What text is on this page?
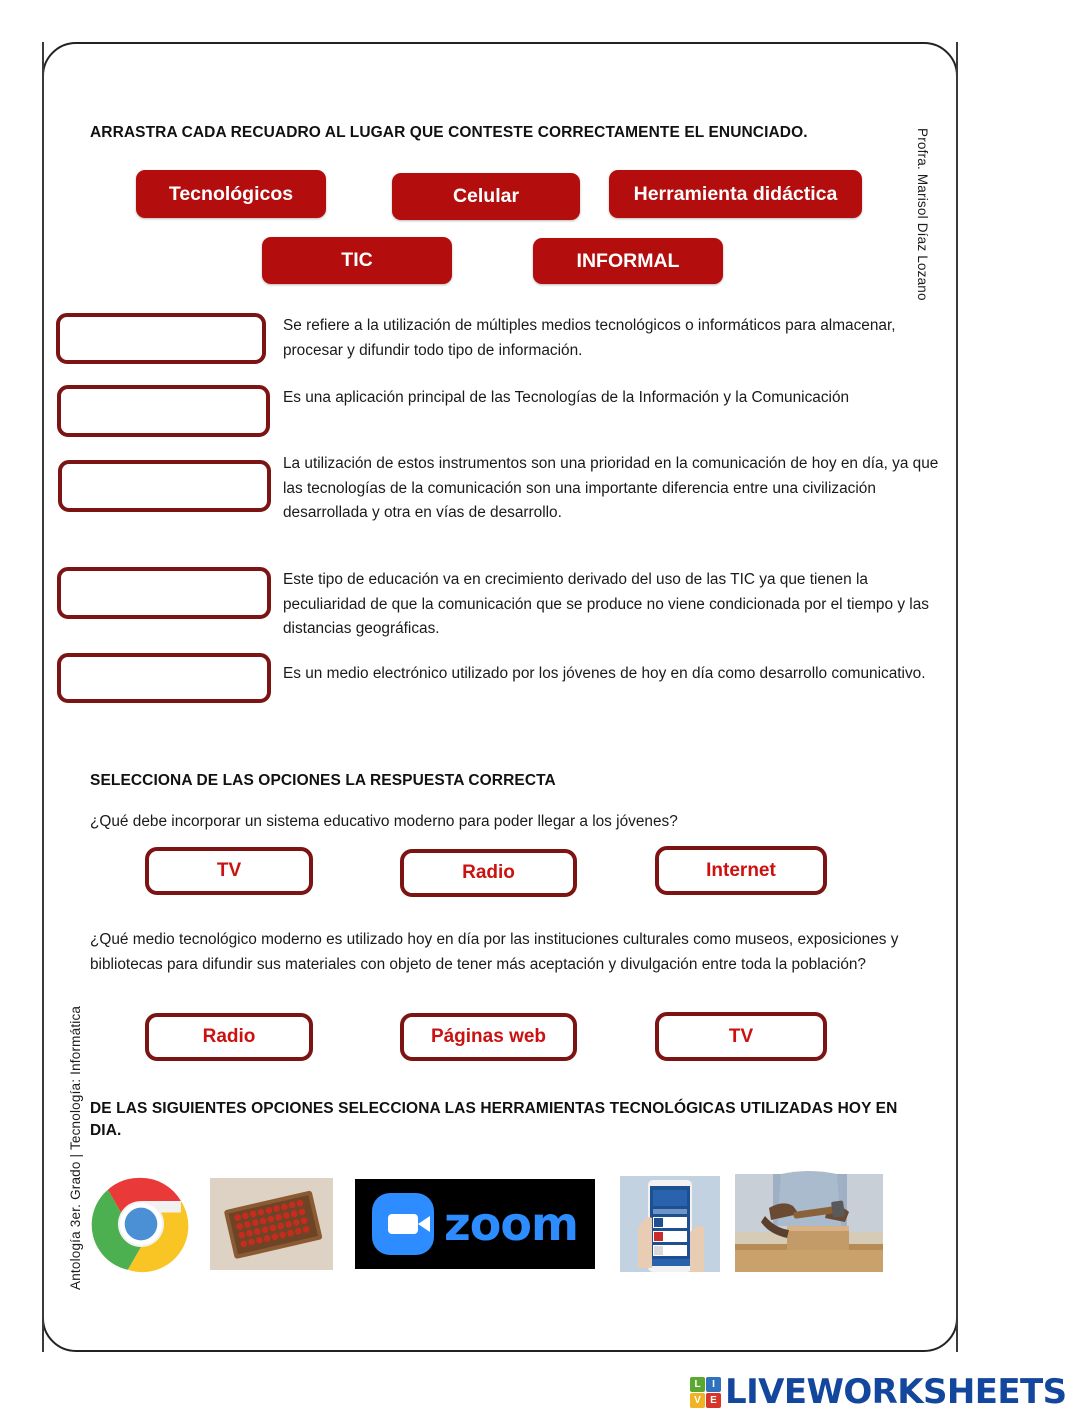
Profra. Marisol Díaz Lozano
Antología 3er. Grado | Tecnología: Informática
ARRASTRA CADA RECUADRO AL LUGAR QUE CONTESTE CORRECTAMENTE EL ENUNCIADO.
Tecnológicos	Celular	Herramienta didáctica
TIC	INFORMAL
Se refiere a la utilización de múltiples medios tecnológicos o informáticos para almacenar, procesar y difundir todo tipo de información.
Es una aplicación principal de las Tecnologías de la Información y la Comunicación
La utilización de estos instrumentos son una prioridad en la comunicación de hoy en día, ya que las tecnologías de la comunicación son una importante diferencia entre una civilización desarrollada y otra en vías de desarrollo.
Este tipo de educación va en crecimiento derivado del uso de las TIC ya que tienen la peculiaridad de que la comunicación que se produce no viene condicionada por el tiempo y las distancias geográficas.
Es un medio electrónico utilizado por los jóvenes de hoy en día como desarrollo comunicativo.
SELECCIONA DE LAS OPCIONES LA RESPUESTA CORRECTA
¿Qué debe incorporar un sistema educativo moderno para poder llegar a los jóvenes?
TV	Radio	Internet
¿Qué medio tecnológico moderno es utilizado hoy en día por las instituciones culturales como museos, exposiciones y bibliotecas para difundir sus materiales con objeto de tener más aceptación y divulgación entre toda la población?
Radio	Páginas web	TV
DE LAS SIGUIENTES OPCIONES SELECCIONA LAS HERRAMIENTAS TECNOLÓGICAS UTILIZADAS HOY EN DIA.
zoom
L	I
V E LIVEWORKSHEETS
